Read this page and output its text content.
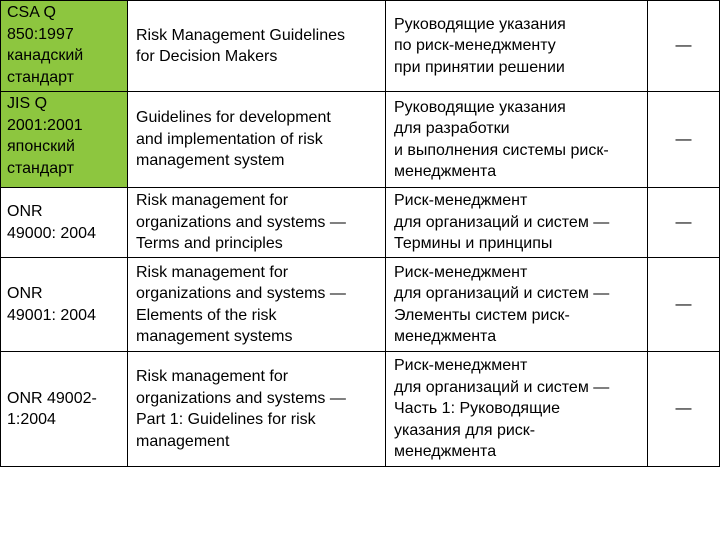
CSA Q
850:1997
канадский
стандарт	Risk Management Guidelines
for Decision Makers	Руководящие указания
по риск-менеджменту
при принятии решении	—
JIS Q
2001:2001
японский
стандарт	Guidelines for development
and implementation of risk
management system	Руководящие указания
для разработки
и выполнения системы риск-
менеджмента	—
ONR
49000: 2004	Risk management for
organizations and systems —
Terms and principles	Риск-менеджмент
для организаций и систем —
Термины и принципы	—
ONR
49001: 2004	Risk management for
organizations and systems —
Elements of the risk
management systems	Риск-менеджмент
для организаций и систем —
Элементы систем риск-
менеджмента	—
ONR 49002-
1:2004	Risk management for
organizations and systems —
Part 1: Guidelines for risk
management	Риск-менеджмент
для организаций и систем —
Часть 1: Руководящие
указания для риск-
менеджмента	—
